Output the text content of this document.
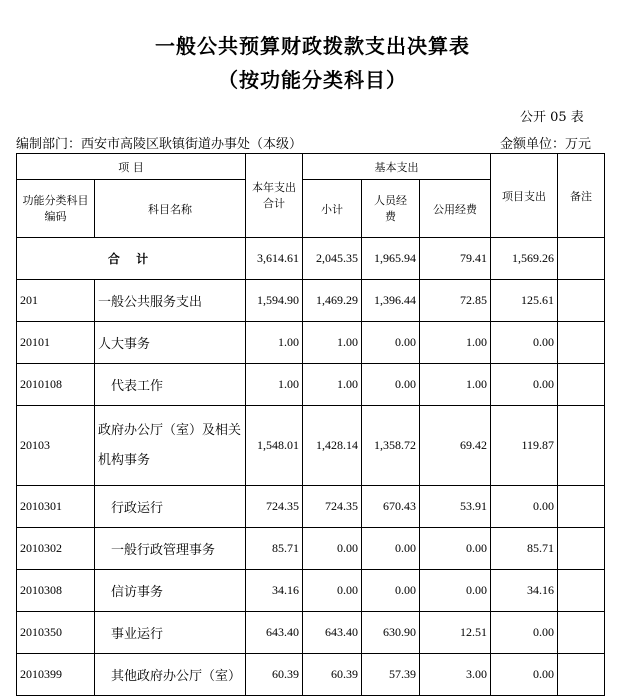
一般公共预算财政拨款支出决算表
（按功能分类科目）
公开 05 表
编制部门：西安市高陵区耿镇街道办事处（本级）	金额单位：万元
项 目		本年支出合计	基本支出			项目支出	备注
功能分类科目编码	科目名称		小计	人员经费	公用经费		
合 计		3,614.61	2,045.35	1,965.94	79.41	1,569.26	
201	一般公共服务支出	1,594.90	1,469.29	1,396.44	72.85	125.61	
20101	人大事务	1.00	1.00	0.00	1.00	0.00	
2010108	代表工作	1.00	1.00	0.00	1.00	0.00	
20103	政府办公厅（室）及相关机构事务	1,548.01	1,428.14	1,358.72	69.42	119.87	
2010301	行政运行	724.35	724.35	670.43	53.91	0.00	
2010302	一般行政管理事务	85.71	0.00	0.00	0.00	85.71	
2010308	信访事务	34.16	0.00	0.00	0.00	34.16	
2010350	事业运行	643.40	643.40	630.90	12.51	0.00	
2010399	其他政府办公厅（室）	60.39	60.39	57.39	3.00	0.00	
